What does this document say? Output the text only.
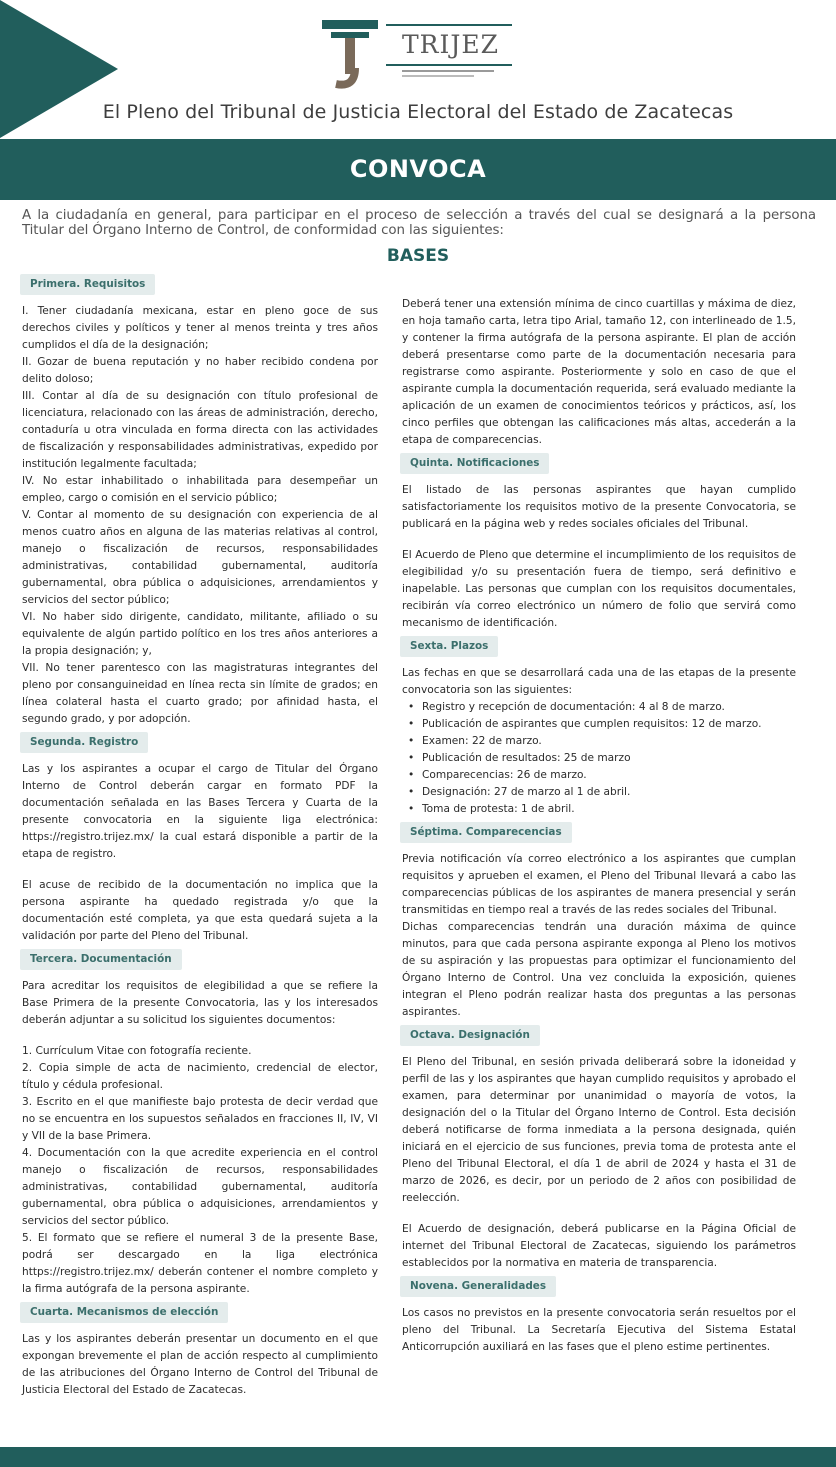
TRIJEZ
El Pleno del Tribunal de Justicia Electoral del Estado de Zacatecas
CONVOCA
A la ciudadanía en general, para participar en el proceso de selección a través del cual se designará a la persona Titular del Órgano Interno de Control, de conformidad con las siguientes:
BASES
Primera. Requisitos

I. Tener ciudadanía mexicana, estar en pleno goce de sus derechos civiles y políticos y tener al menos treinta y tres años cumplidos el día de la designación;

II. Gozar de buena reputación y no haber recibido condena por delito doloso;

III. Contar al día de su designación con título profesional de licenciatura, relacionado con las áreas de administración, derecho, contaduría u otra vinculada en forma directa con las actividades de fiscalización y responsabilidades administrativas, expedido por institución legalmente facultada;

IV. No estar inhabilitado o inhabilitada para desempeñar un empleo, cargo o comisión en el servicio público;

V. Contar al momento de su designación con experiencia de al menos cuatro años en alguna de las materias relativas al control, manejo o fiscalización de recursos, responsabilidades administrativas, contabilidad gubernamental, auditoría gubernamental, obra pública o adquisiciones, arrendamientos y servicios del sector público;

VI. No haber sido dirigente, candidato, militante, afiliado o su equivalente de algún partido político en los tres años anteriores a la propia designación; y,

VII. No tener parentesco con las magistraturas integrantes del pleno por consanguineidad en línea recta sin límite de grados; en línea colateral hasta el cuarto grado; por afinidad hasta, el segundo grado, y por adopción.

Segunda. Registro

Las y los aspirantes a ocupar el cargo de Titular del Órgano Interno de Control deberán cargar en formato PDF la documentación señalada en las Bases Tercera y Cuarta de la presente convocatoria en la siguiente liga electrónica: https://registro.trijez.mx/ la cual estará disponible a partir de la etapa de registro.

El acuse de recibido de la documentación no implica que la persona aspirante ha quedado registrada y/o que la documentación esté completa, ya que esta quedará sujeta a la validación por parte del Pleno del Tribunal.

Tercera. Documentación

Para acreditar los requisitos de elegibilidad a que se refiere la Base Primera de la presente Convocatoria, las y los interesados deberán adjuntar a su solicitud los siguientes documentos:

1. Currículum Vitae con fotografía reciente.

2. Copia simple de acta de nacimiento, credencial de elector, título y cédula profesional.

3. Escrito en el que manifieste bajo protesta de decir verdad que no se encuentra en los supuestos señalados en fracciones II, IV, VI y VII de la base Primera.

4. Documentación con la que acredite experiencia en el control manejo o fiscalización de recursos, responsabilidades administrativas, contabilidad gubernamental, auditoría gubernamental, obra pública o adquisiciones, arrendamientos y servicios del sector público.

5. El formato que se refiere el numeral 3 de la presente Base, podrá ser descargado en la liga electrónica https://registro.trijez.mx/ deberán contener el nombre completo y la firma autógrafa de la persona aspirante.

Cuarta. Mecanismos de elección

Las y los aspirantes deberán presentar un documento en el que expongan brevemente el plan de acción respecto al cumplimiento de las atribuciones del Órgano Interno de Control del Tribunal de Justicia Electoral del Estado de Zacatecas.

Deberá tener una extensión mínima de cinco cuartillas y máxima de diez, en hoja tamaño carta, letra tipo Arial, tamaño 12, con interlineado de 1.5, y contener la firma autógrafa de la persona aspirante. El plan de acción deberá presentarse como parte de la documentación necesaria para registrarse como aspirante. Posteriormente y solo en caso de que el aspirante cumpla la documentación requerida, será evaluado mediante la aplicación de un examen de conocimientos teóricos y prácticos, así, los cinco perfiles que obtengan las calificaciones más altas, accederán a la etapa de comparecencias.

Quinta. Notificaciones

El listado de las personas aspirantes que hayan cumplido satisfactoriamente los requisitos motivo de la presente Convocatoria, se publicará en la página web y redes sociales oficiales del Tribunal.

El Acuerdo de Pleno que determine el incumplimiento de los requisitos de elegibilidad y/o su presentación fuera de tiempo, será definitivo e inapelable. Las personas que cumplan con los requisitos documentales, recibirán vía correo electrónico un número de folio que servirá como mecanismo de identificación.

Sexta. Plazos

Las fechas en que se desarrollará cada una de las etapas de la presente convocatoria son las siguientes:

• Registro y recepción de documentación: 4 al 8 de marzo.
• Publicación de aspirantes que cumplen requisitos: 12 de marzo.
• Examen: 22 de marzo.
• Publicación de resultados: 25 de marzo
• Comparecencias: 26 de marzo.
• Designación: 27 de marzo al 1 de abril.
• Toma de protesta: 1 de abril.
Séptima. Comparecencias

Previa notificación vía correo electrónico a los aspirantes que cumplan requisitos y aprueben el examen, el Pleno del Tribunal llevará a cabo las comparecencias públicas de los aspirantes de manera presencial y serán transmitidas en tiempo real a través de las redes sociales del Tribunal.

Dichas comparecencias tendrán una duración máxima de quince minutos, para que cada persona aspirante exponga al Pleno los motivos de su aspiración y las propuestas para optimizar el funcionamiento del Órgano Interno de Control. Una vez concluida la exposición, quienes integran el Pleno podrán realizar hasta dos preguntas a las personas aspirantes.

Octava. Designación

El Pleno del Tribunal, en sesión privada deliberará sobre la idoneidad y perfil de las y los aspirantes que hayan cumplido requisitos y aprobado el examen, para determinar por unanimidad o mayoría de votos, la designación del o la Titular del Órgano Interno de Control. Esta decisión deberá notificarse de forma inmediata a la persona designada, quién iniciará en el ejercicio de sus funciones, previa toma de protesta ante el Pleno del Tribunal Electoral, el día 1 de abril de 2024 y hasta el 31 de marzo de 2026, es decir, por un periodo de 2 años con posibilidad de reelección.

El Acuerdo de designación, deberá publicarse en la Página Oficial de internet del Tribunal Electoral de Zacatecas, siguiendo los parámetros establecidos por la normativa en materia de transparencia.

Novena. Generalidades

Los casos no previstos en la presente convocatoria serán resueltos por el pleno del Tribunal. La Secretaría Ejecutiva del Sistema Estatal Anticorrupción auxiliará en las fases que el pleno estime pertinentes.
